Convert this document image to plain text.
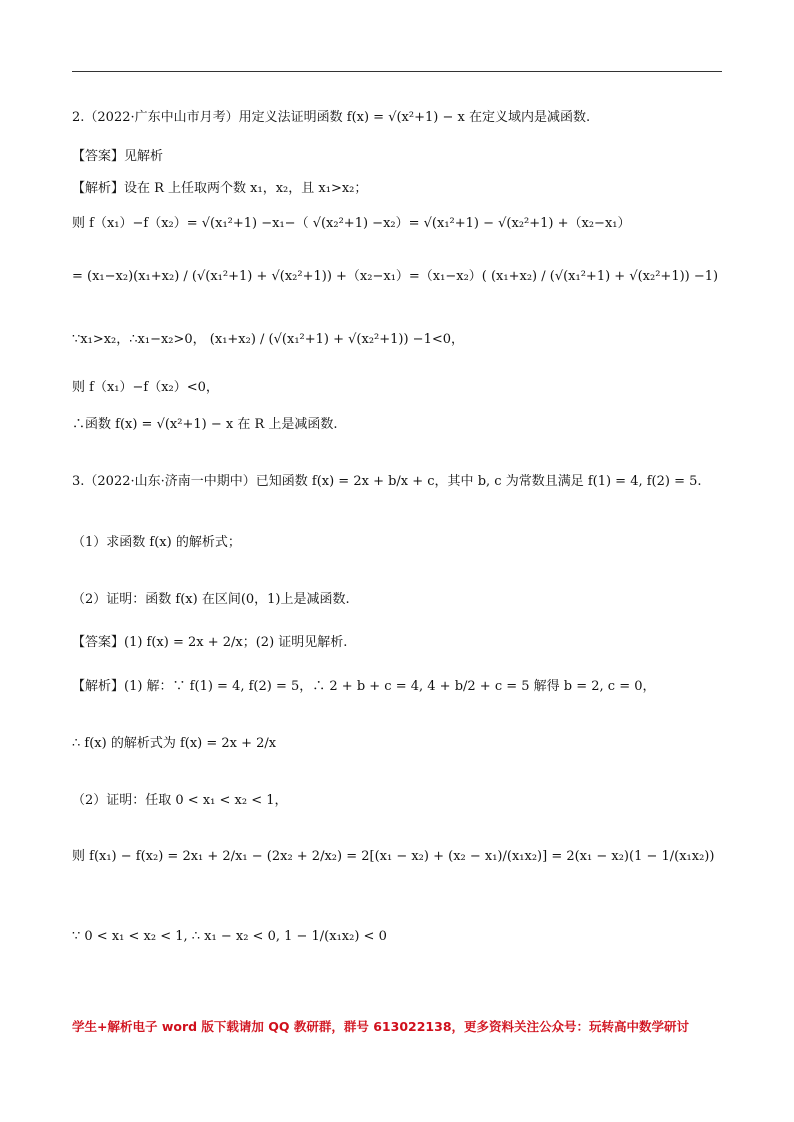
2.（2022·广东中山市月考）用定义法证明函数 f(x) = √(x²+1) − x 在定义域内是减函数.
【答案】见解析
【解析】设在 R 上任取两个数 x₁，x₂，且 x₁>x₂；
则 f（x₁）−f（x₂）= √(x₁²+1) −x₁−（ √(x₂²+1) −x₂）= √(x₁²+1) − √(x₂²+1) +（x₂−x₁）
= (x₁−x₂)(x₁+x₂) / (√(x₁²+1) + √(x₂²+1)) +（x₂−x₁）=（x₁−x₂）( (x₁+x₂) / (√(x₁²+1) + √(x₂²+1)) −1)
∵x₁>x₂，∴x₁−x₂>0， (x₁+x₂) / (√(x₁²+1) + √(x₂²+1)) −1<0，
则 f（x₁）−f（x₂）<0，
∴函数 f(x) = √(x²+1) − x 在 R 上是减函数.
3.（2022·山东·济南一中期中）已知函数 f(x) = 2x + b/x + c，其中 b, c 为常数且满足 f(1) = 4, f(2) = 5.
（1）求函数 f(x) 的解析式；
（2）证明：函数 f(x) 在区间(0，1)上是减函数.
【答案】(1) f(x) = 2x + 2/x；(2) 证明见解析.
【解析】(1) 解：∵ f(1) = 4, f(2) = 5，∴ 2 + b + c = 4, 4 + b/2 + c = 5 解得 b = 2, c = 0，
∴ f(x) 的解析式为 f(x) = 2x + 2/x
（2）证明：任取 0 < x₁ < x₂ < 1，
则 f(x₁) − f(x₂) = 2x₁ + 2/x₁ − (2x₂ + 2/x₂) = 2[(x₁ − x₂) + (x₂ − x₁)/(x₁x₂)] = 2(x₁ − x₂)(1 − 1/(x₁x₂))
∵ 0 < x₁ < x₂ < 1, ∴ x₁ − x₂ < 0, 1 − 1/(x₁x₂) < 0
学生+解析电子 word 版下载请加 QQ 教研群，群号 613022138，更多资料关注公众号：玩转高中数学研讨
